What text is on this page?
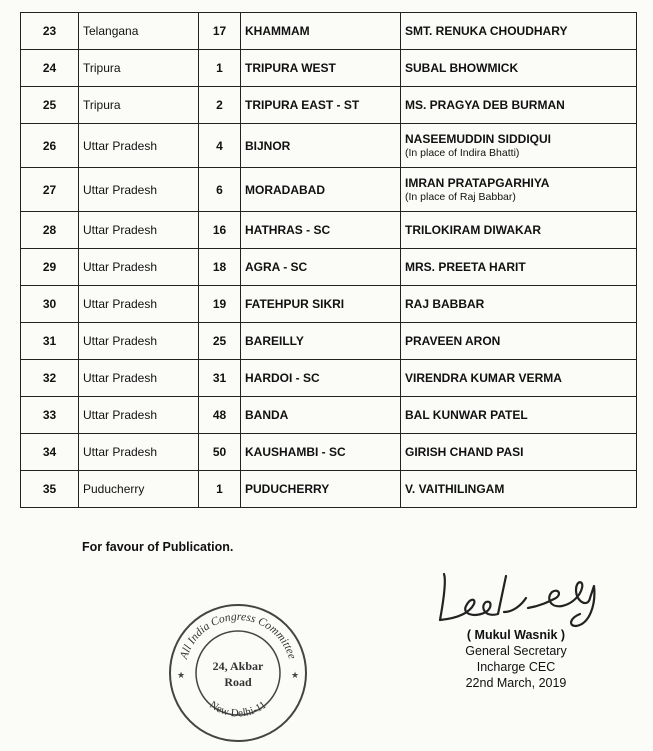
23	Telangana	17	KHAMMAM	SMT. RENUKA CHOUDHARY

24	Tripura	1	TRIPURA WEST	SUBAL BHOWMICK

25	Tripura	2	TRIPURA EAST - ST	MS. PRAGYA DEB BURMAN

26	Uttar Pradesh	4	BIJNOR	NASEEMUDDIN SIDDIQUI
(In place of Indira Bhatti)

27	Uttar Pradesh	6	MORADABAD	IMRAN PRATAPGARHIYA
(In place of Raj Babbar)

28	Uttar Pradesh	16	HATHRAS - SC	TRILOKIRAM DIWAKAR

29	Uttar Pradesh	18	AGRA - SC	MRS. PREETA HARIT

30	Uttar Pradesh	19	FATEHPUR SIKRI	RAJ BABBAR

31	Uttar Pradesh	25	BAREILLY	PRAVEEN ARON

32	Uttar Pradesh	31	HARDOI - SC	VIRENDRA KUMAR VERMA

33	Uttar Pradesh	48	BANDA	BAL KUNWAR PATEL

34	Uttar Pradesh	50	KAUSHAMBI - SC	GIRISH CHAND PASI

35	Puducherry	1	PUDUCHERRY	V. VAITHILINGAM
For favour of Publication.
All India Congress Committee
New Delhi-11
24, Akbar
Road
★	★
( Mukul Wasnik )
General Secretary
Incharge CEC
22nd March, 2019
